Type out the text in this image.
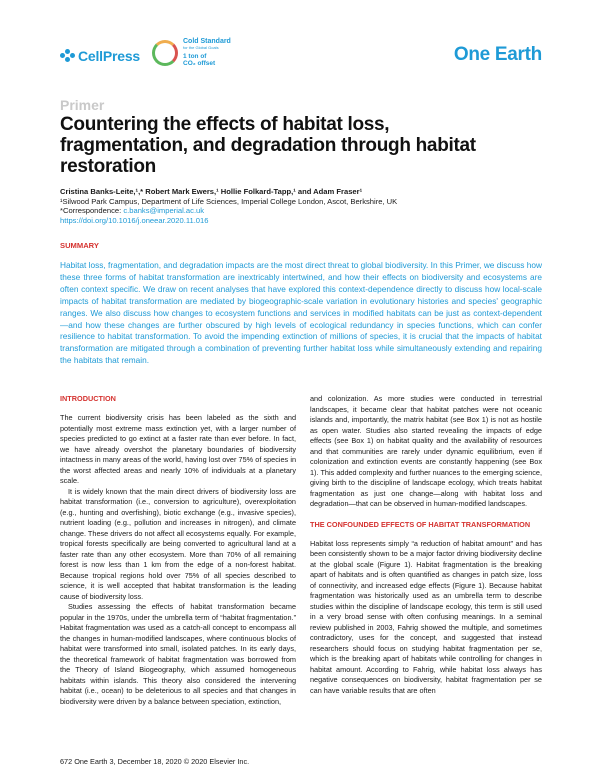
CellPress
Cold Standard
for the Global Goals
1 ton of
CO₂ offset	One Earth
Primer
Countering the effects of habitat loss, fragmentation, and degradation through habitat restoration
Cristina Banks-Leite,¹,* Robert Mark Ewers,¹ Hollie Folkard-Tapp,¹ and Adam Fraser¹
¹Silwood Park Campus, Department of Life Sciences, Imperial College London, Ascot, Berkshire, UK
*Correspondence: c.banks@imperial.ac.uk
https://doi.org/10.1016/j.oneear.2020.11.016
SUMMARY

Habitat loss, fragmentation, and degradation impacts are the most direct threat to global biodiversity. In this Primer, we discuss how these three forms of habitat transformation are inextricably intertwined, and how their effects on biodiversity and ecosystems are often context specific. We draw on recent analyses that have explored this context-dependence directly to discuss how local-scale impacts of habitat transformation are mediated by biogeographic-scale variation in evolutionary histories and species' geographic ranges. We also discuss how changes to ecosystem functions and services in modified habitats can be just as context-dependent—and how these changes are further obscured by high levels of ecological redundancy in species functions, which can confer resilience to habitat transformation. To avoid the impending extinction of millions of species, it is crucial that the impacts of habitat transformation are mitigated through a combination of preventing further habitat loss while simultaneously extending and repairing the habitats that remain.

INTRODUCTION

The current biodiversity crisis has been labeled as the sixth and potentially most extreme mass extinction yet, with a larger number of species predicted to go extinct at a faster rate than ever before. In fact, we have already overshot the planetary boundaries of biodiversity intactness in many areas of the world, having lost over 75% of species in the worst affected areas and nearly 10% of individuals at a planetary scale.

It is widely known that the main direct drivers of biodiversity loss are habitat transformation (i.e., conversion to agriculture), overexploitation (e.g., hunting and overfishing), biotic exchange (e.g., invasive species), nutrient loading (e.g., pollution and increases in nitrogen), and climate change. These drivers do not affect all ecosystems equally. For example, tropical forests specifically are being converted to agricultural land at a faster rate than any other ecosystem. More than 70% of all remaining forest is now less than 1 km from the edge of a non-forest habitat. Because tropical regions hold over 75% of all species described to science, it is well accepted that habitat transformation is the leading cause of biodiversity loss.

Studies assessing the effects of habitat transformation became popular in the 1970s, under the umbrella term of “habitat fragmentation.” Habitat fragmentation was used as a catch-all concept to encompass all the changes in human-modified landscapes, where continuous blocks of habitat were transformed into small, isolated patches. In its early days, the theoretical framework of habitat fragmentation was borrowed from the Theory of Island Biogeography, which assumed homogeneous habitats within islands. This theory also considered the intervening habitat (i.e., ocean) to be deleterious to all species and that changes in biodiversity were driven by a balance between speciation, extinction,

and colonization. As more studies were conducted in terrestrial landscapes, it became clear that habitat patches were not oceanic islands and, importantly, the matrix habitat (see Box 1) is not as hostile as open water. Studies also started revealing the impacts of edge effects (see Box 1) on habitat quality and the availability of resources and that communities are rarely under dynamic equilibrium, even if colonization and extinction events are constantly happening (see Box 1). This added complexity and further nuances to the emerging science, giving birth to the discipline of landscape ecology, which treats habitat fragmentation as just one change—along with habitat loss and degradation—that can be observed in human-modified landscapes.

THE CONFOUNDED EFFECTS OF HABITAT TRANSFORMATION

Habitat loss represents simply “a reduction of habitat amount” and has been consistently shown to be a major factor driving biodiversity decline at the global scale (Figure 1). Habitat fragmentation is the breaking apart of habitats and is often quantified as changes in patch size, loss of connectivity, and increased edge effects (Figure 1). Because habitat fragmentation was historically used as an umbrella term to describe studies within the discipline of landscape ecology, this term is still used in a very broad sense with often confusing meanings. In a seminal review published in 2003, Fahrig showed the multiple, and sometimes contradictory, uses for the concept, and suggested that instead researchers should focus on studying habitat fragmentation per se, which is the breaking apart of habitats while controlling for changes in habitat amount. According to Fahrig, while habitat loss always has negative consequences on biodiversity, habitat fragmentation per se can have variable results that are often

672 One Earth 3, December 18, 2020 © 2020 Elsevier Inc.
